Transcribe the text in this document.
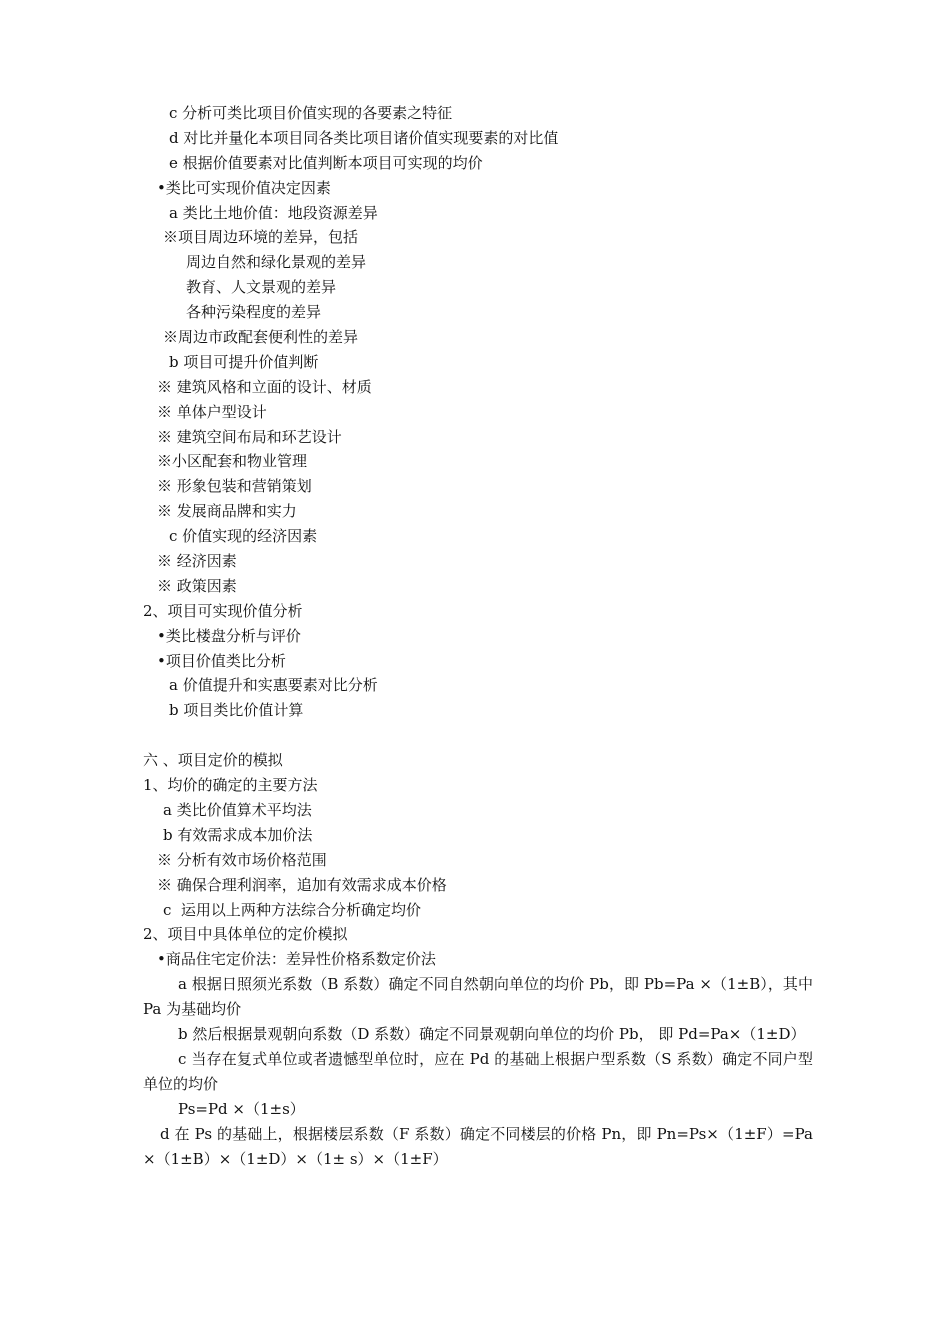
c 分析可类比项目价值实现的各要素之特征
d 对比并量化本项目同各类比项目诸价值实现要素的对比值
e 根据价值要素对比值判断本项目可实现的均价
•类比可实现价值决定因素
a 类比土地价值：地段资源差异
※项目周边环境的差异，包括
周边自然和绿化景观的差异
教育、人文景观的差异
各种污染程度的差异
※周边市政配套便利性的差异
b 项目可提升价值判断
※ 建筑风格和立面的设计、材质
※ 单体户型设计
※ 建筑空间布局和环艺设计
※小区配套和物业管理
※ 形象包装和营销策划
※ 发展商品牌和实力
c 价值实现的经济因素
※ 经济因素
※ 政策因素
2、项目可实现价值分析
•类比楼盘分析与评价
•项目价值类比分析
a 价值提升和实惠要素对比分析
b 项目类比价值计算
六 、项目定价的模拟
1、均价的确定的主要方法
a 类比价值算术平均法
b 有效需求成本加价法
※ 分析有效市场价格范围
※ 确保合理利润率，追加有效需求成本价格
c  运用以上两种方法综合分析确定均价
2、项目中具体单位的定价模拟
•商品住宅定价法：差异性价格系数定价法
a 根据日照须光系数（B 系数）确定不同自然朝向单位的均价 Pb，即 Pb=Pa ×（1±B），其中 Pa 为基础均价
b 然后根据景观朝向系数（D 系数）确定不同景观朝向单位的均价 Pb， 即 Pd=Pa×（1±D）
c 当存在复式单位或者遗憾型单位时，应在 Pd 的基础上根据户型系数（S 系数）确定不同户型单位的均价
Ps=Pd ×（1±s）
d 在 Ps 的基础上，根据楼层系数（F 系数）确定不同楼层的价格 Pn，即 Pn=Ps×（1±F）=Pa ×（1±B）×（1±D）×（1± s）×（1±F）
